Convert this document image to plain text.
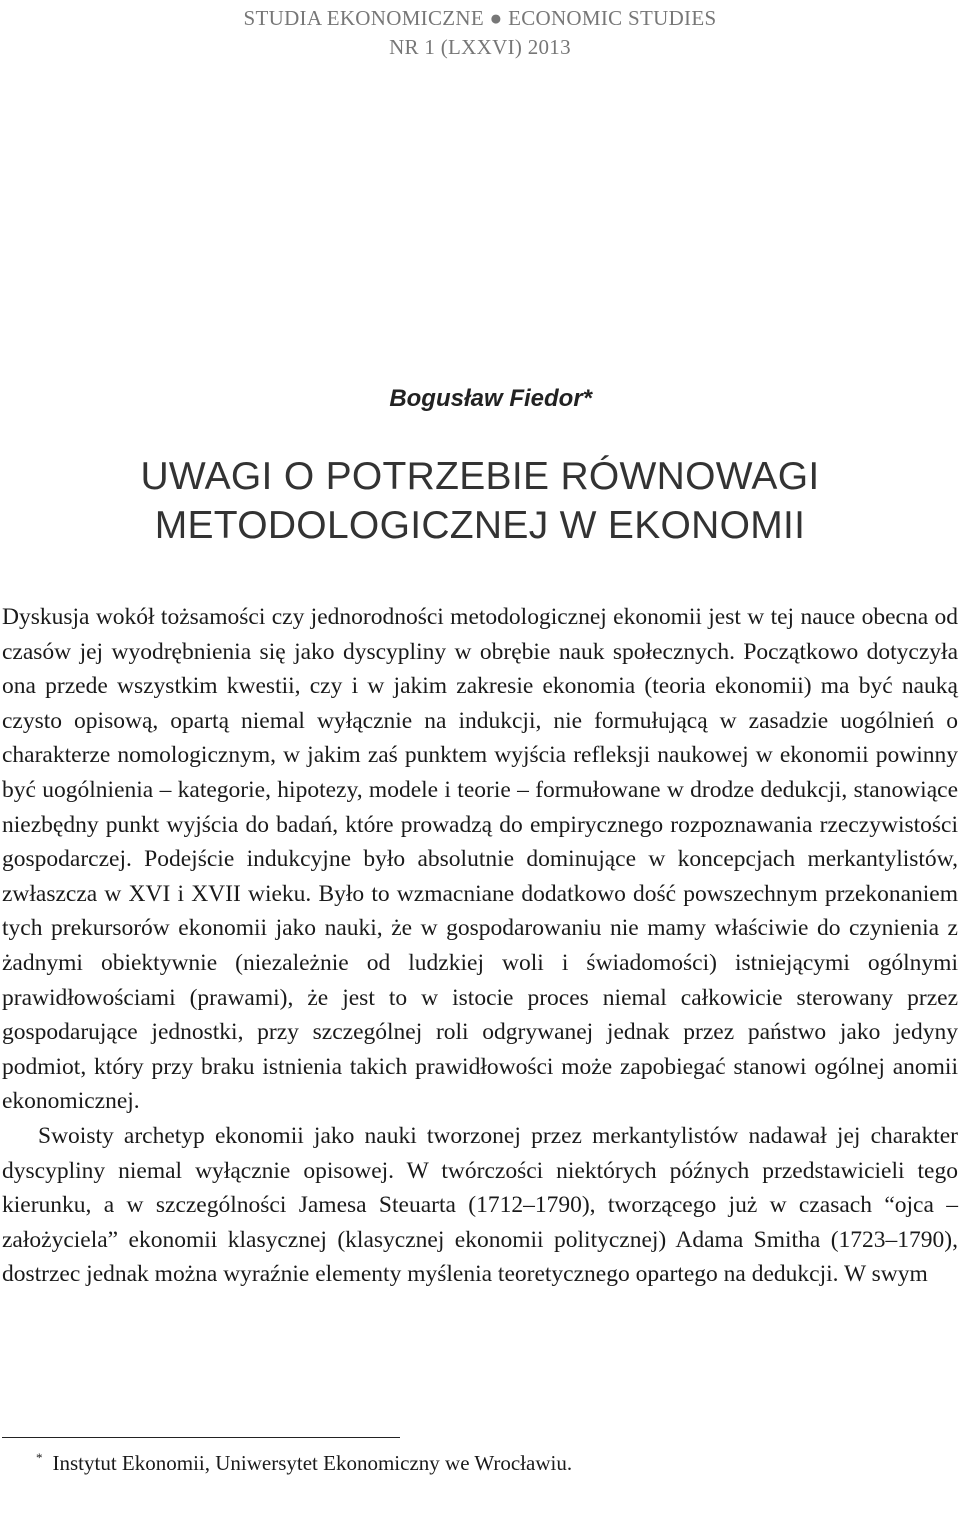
STUDIA EKONOMICZNE ● ECONOMIC STUDIES
NR 1 (LXXVI) 2013
Bogusław Fiedor*
UWAGI O POTRZEBIE RÓWNOWAGI
METODOLOGICZNEJ W EKONOMII

Dyskusja wokół tożsamości czy jednorodności metodologicznej ekonomii jest w tej nauce obecna od czasów jej wyodrębnienia się jako dyscypliny w obrębie nauk społecznych. Początkowo dotyczyła ona przede wszystkim kwestii, czy i w jakim zakresie ekonomia (teoria ekonomii) ma być nauką czysto opisową, opartą niemal wyłącznie na indukcji, nie formułującą w zasadzie uogólnień o charakterze nomologicznym, w jakim zaś punktem wyjścia refleksji naukowej w ekonomii powinny być uogólnienia – kategorie, hipotezy, modele i teorie – formułowane w drodze dedukcji, stanowiące niezbędny punkt wyjścia do badań, które prowadzą do empirycznego rozpoznawania rzeczywistości gospodarczej. Podejście indukcyjne było absolutnie dominujące w koncepcjach merkantylistów, zwłaszcza w XVI i XVII wieku. Było to wzmacniane dodatkowo dość powszechnym przekonaniem tych prekursorów ekonomii jako nauki, że w gospodarowaniu nie mamy właściwie do czynienia z żadnymi obiektywnie (niezależnie od ludzkiej woli i świadomości) istniejącymi ogólnymi prawidłowościami (prawami), że jest to w istocie proces niemal całkowicie sterowany przez gospodarujące jednostki, przy szczególnej roli odgrywanej jednak przez państwo jako jedyny podmiot, który przy braku istnienia takich prawidłowości może zapobiegać stanowi ogólnej anomii ekonomicznej.

Swoisty archetyp ekonomii jako nauki tworzonej przez merkantylistów nadawał jej charakter dyscypliny niemal wyłącznie opisowej. W twórczości niektórych późnych przedstawicieli tego kierunku, a w szczególności Jamesa Steuarta (1712–1790), tworzącego już w czasach “ojca – założyciela” ekonomii klasycznej (klasycznej ekonomii politycznej) Adama Smitha (1723–1790), dostrzec jednak można wyraźnie elementy myślenia teoretycznego opartego na dedukcji. W swym

* Instytut Ekonomii, Uniwersytet Ekonomiczny we Wrocławiu.
